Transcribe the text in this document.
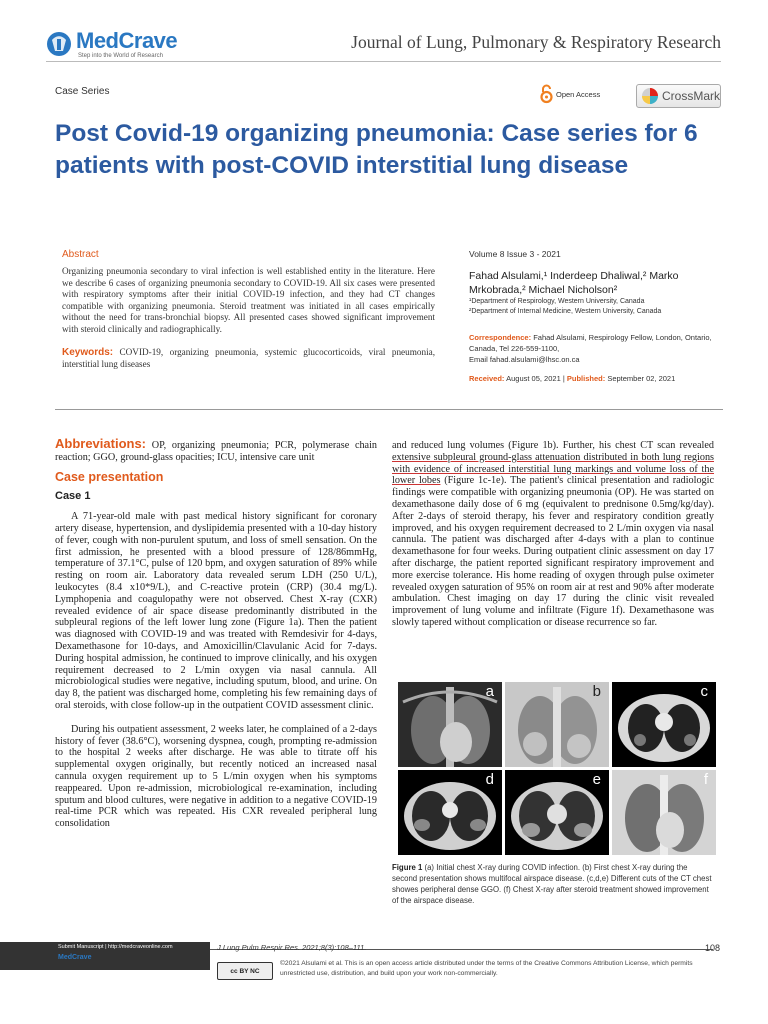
MedCrave
Step into the World of Research
Journal of Lung, Pulmonary & Respiratory Research
Case Series	Open Access	CrossMark
Post Covid-19 organizing pneumonia: Case series for 6 patients with post-COVID interstitial lung disease
Abstract
Organizing pneumonia secondary to viral infection is well established entity in the literature. Here we describe 6 cases of organizing pneumonia secondary to COVID-19. All six cases were presented with respiratory symptoms after their initial COVID-19 infection, and they had CT changes compatible with organizing pneumonia. Steroid treatment was initiated in all cases empirically without the need for trans-bronchial biopsy. All presented cases showed significant improvement with steroid clinically and radiographically.
Keywords: COVID-19, organizing pneumonia, systemic glucocorticoids, viral pneumonia, interstitial lung diseases
Volume 8 Issue 3 - 2021
Fahad Alsulami,¹ Inderdeep Dhaliwal,² Marko Mrkobrada,² Michael Nicholson²
¹Department of Respirology, Western University, Canada
²Department of Internal Medicine, Western University, Canada
Correspondence: Fahad Alsulami, Respirology Fellow, London, Ontario, Canada, Tel 226-559-1100,
Email fahad.alsulami@lhsc.on.ca
Received: August 05, 2021 | Published: September 02, 2021
Abbreviations: OP, organizing pneumonia; PCR, polymerase chain reaction; GGO, ground-glass opacities; ICU, intensive care unit
Case presentation
Case 1

A 71-year-old male with past medical history significant for coronary artery disease, hypertension, and dyslipidemia presented with a 10-day history of fever, cough with non-purulent sputum, and loss of smell sensation. On the first admission, he presented with a blood pressure of 128/86mmHg, temperature of 37.1°C, pulse of 120 bpm, and oxygen saturation of 89% while resting on room air. Laboratory data revealed serum LDH (250 U/L), leukocytes (8.4 x10*9/L), and C-reactive protein (CRP) (30.4 mg/L). Lymphopenia and coagulopathy were not observed. Chest X-ray (CXR) revealed evidence of air space disease predominantly distributed in the subpleural regions of the left lower lung zone (Figure 1a). Then the patient was diagnosed with COVID-19 and was treated with Remdesivir for 4-days, Dexamethasone for 10-days, and Amoxicillin/Clavulanic Acid for 7-days. During hospital admission, he continued to improve clinically, and his oxygen requirement decreased to 2 L/min oxygen via nasal cannula. All microbiological studies were negative, including sputum, blood, and urine. On day 8, the patient was discharged home, completing his few remaining days of oral steroids, with close follow-up in the outpatient COVID assessment clinic.

During his outpatient assessment, 2 weeks later, he complained of a 2-days history of fever (38.6°C), worsening dyspnea, cough, prompting re-admission to the hospital 2 weeks after discharge. He was able to titrate off his supplemental oxygen originally, but recently noticed an increased nasal cannula oxygen requirement up to 5 L/min oxygen when his symptoms reappeared. Upon re-admission, microbiological re-examination, including sputum and blood cultures, were negative in addition to a negative COVID-19 real-time PCR which was repeated. His CXR revealed peripheral lung consolidation

and reduced lung volumes (Figure 1b). Further, his chest CT scan revealed extensive subpleural ground-glass attenuation distributed in both lung regions with evidence of increased interstitial lung markings and volume loss of the lower lobes (Figure 1c-1e). The patient's clinical presentation and radiologic findings were compatible with organizing pneumonia (OP). He was started on dexamethasone daily dose of 6 mg (equivalent to prednisone 0.5mg/kg/day). After 2-days of steroid therapy, his fever and respiratory condition greatly improved, and his oxygen requirement decreased to 2 L/min oxygen via nasal cannula. The patient was discharged after 4-days with a plan to continue dexamethasone for four weeks. During outpatient clinic assessment on day 17 after discharge, the patient reported significant respiratory improvement and more exercise tolerance. His home reading of oxygen through pulse oximeter revealed oxygen saturation of 95% on room air at rest and 90% after moderate ambulation. Chest imaging on day 17 during the clinic visit revealed improvement of lung volume and infiltrate (Figure 1f). Dexamethasone was slowly tapered without complication or disease recurrence so far.
a	b	c
d	e	f
Figure 1 (a) Initial chest X-ray during COVID infection. (b) First chest X-ray during the second presentation shows multifocal airspace disease. (c,d,e) Different cuts of the CT chest showes peripheral dense GGO. (f) Chest X-ray after steroid treatment showed improvement of the airspace disease.
Submit Manuscript | http://medcraveonline.com
MedCrave
J Lung Pulm Respir Res. 2021;8(3):108‒111.	108
cc BY NC
©2021 Alsulami et al. This is an open access article distributed under the terms of the Creative Commons Attribution License, which permits unrestricted use, distribution, and build upon your work non-commercially.
